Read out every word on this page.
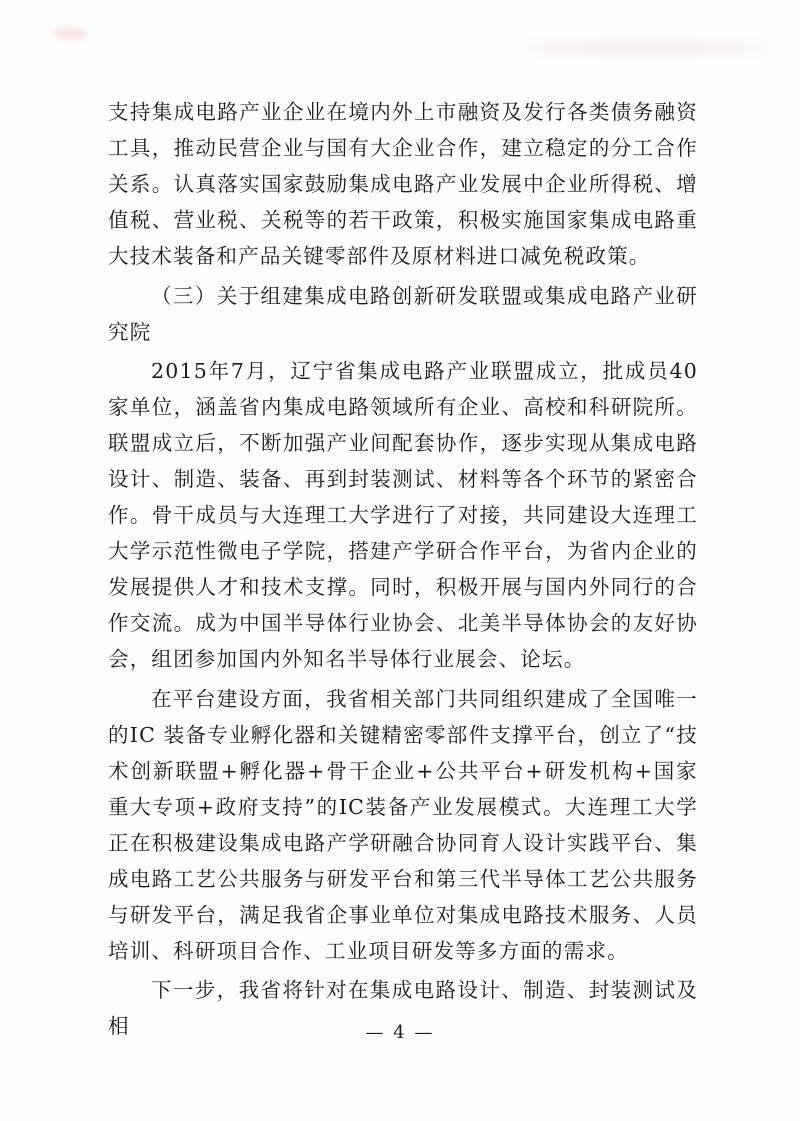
支持集成电路产业企业在境内外上市融资及发行各类债务融资工具，推动民营企业与国有大企业合作，建立稳定的分工合作关系。认真落实国家鼓励集成电路产业发展中企业所得税、增值税、营业税、关税等的若干政策，积极实施国家集成电路重大技术装备和产品关键零部件及原材料进口减免税政策。

（三）关于组建集成电路创新研发联盟或集成电路产业研究院

2015年7月，辽宁省集成电路产业联盟成立，批成员40家单位，涵盖省内集成电路领域所有企业、高校和科研院所。联盟成立后，不断加强产业间配套协作，逐步实现从集成电路设计、制造、装备、再到封装测试、材料等各个环节的紧密合作。骨干成员与大连理工大学进行了对接，共同建设大连理工大学示范性微电子学院，搭建产学研合作平台，为省内企业的发展提供人才和技术支撑。同时，积极开展与国内外同行的合作交流。成为中国半导体行业协会、北美半导体协会的友好协会，组团参加国内外知名半导体行业展会、论坛。

在平台建设方面，我省相关部门共同组织建成了全国唯一的IC 装备专业孵化器和关键精密零部件支撑平台，创立了“技术创新联盟+孵化器+骨干企业+公共平台+研发机构+国家重大专项+政府支持”的IC装备产业发展模式。大连理工大学正在积极建设集成电路产学研融合协同育人设计实践平台、集成电路工艺公共服务与研发平台和第三代半导体工艺公共服务与研发平台，满足我省企事业单位对集成电路技术服务、人员培训、科研项目合作、工业项目研发等多方面的需求。

下一步，我省将针对在集成电路设计、制造、封装测试及相	— 4 —
